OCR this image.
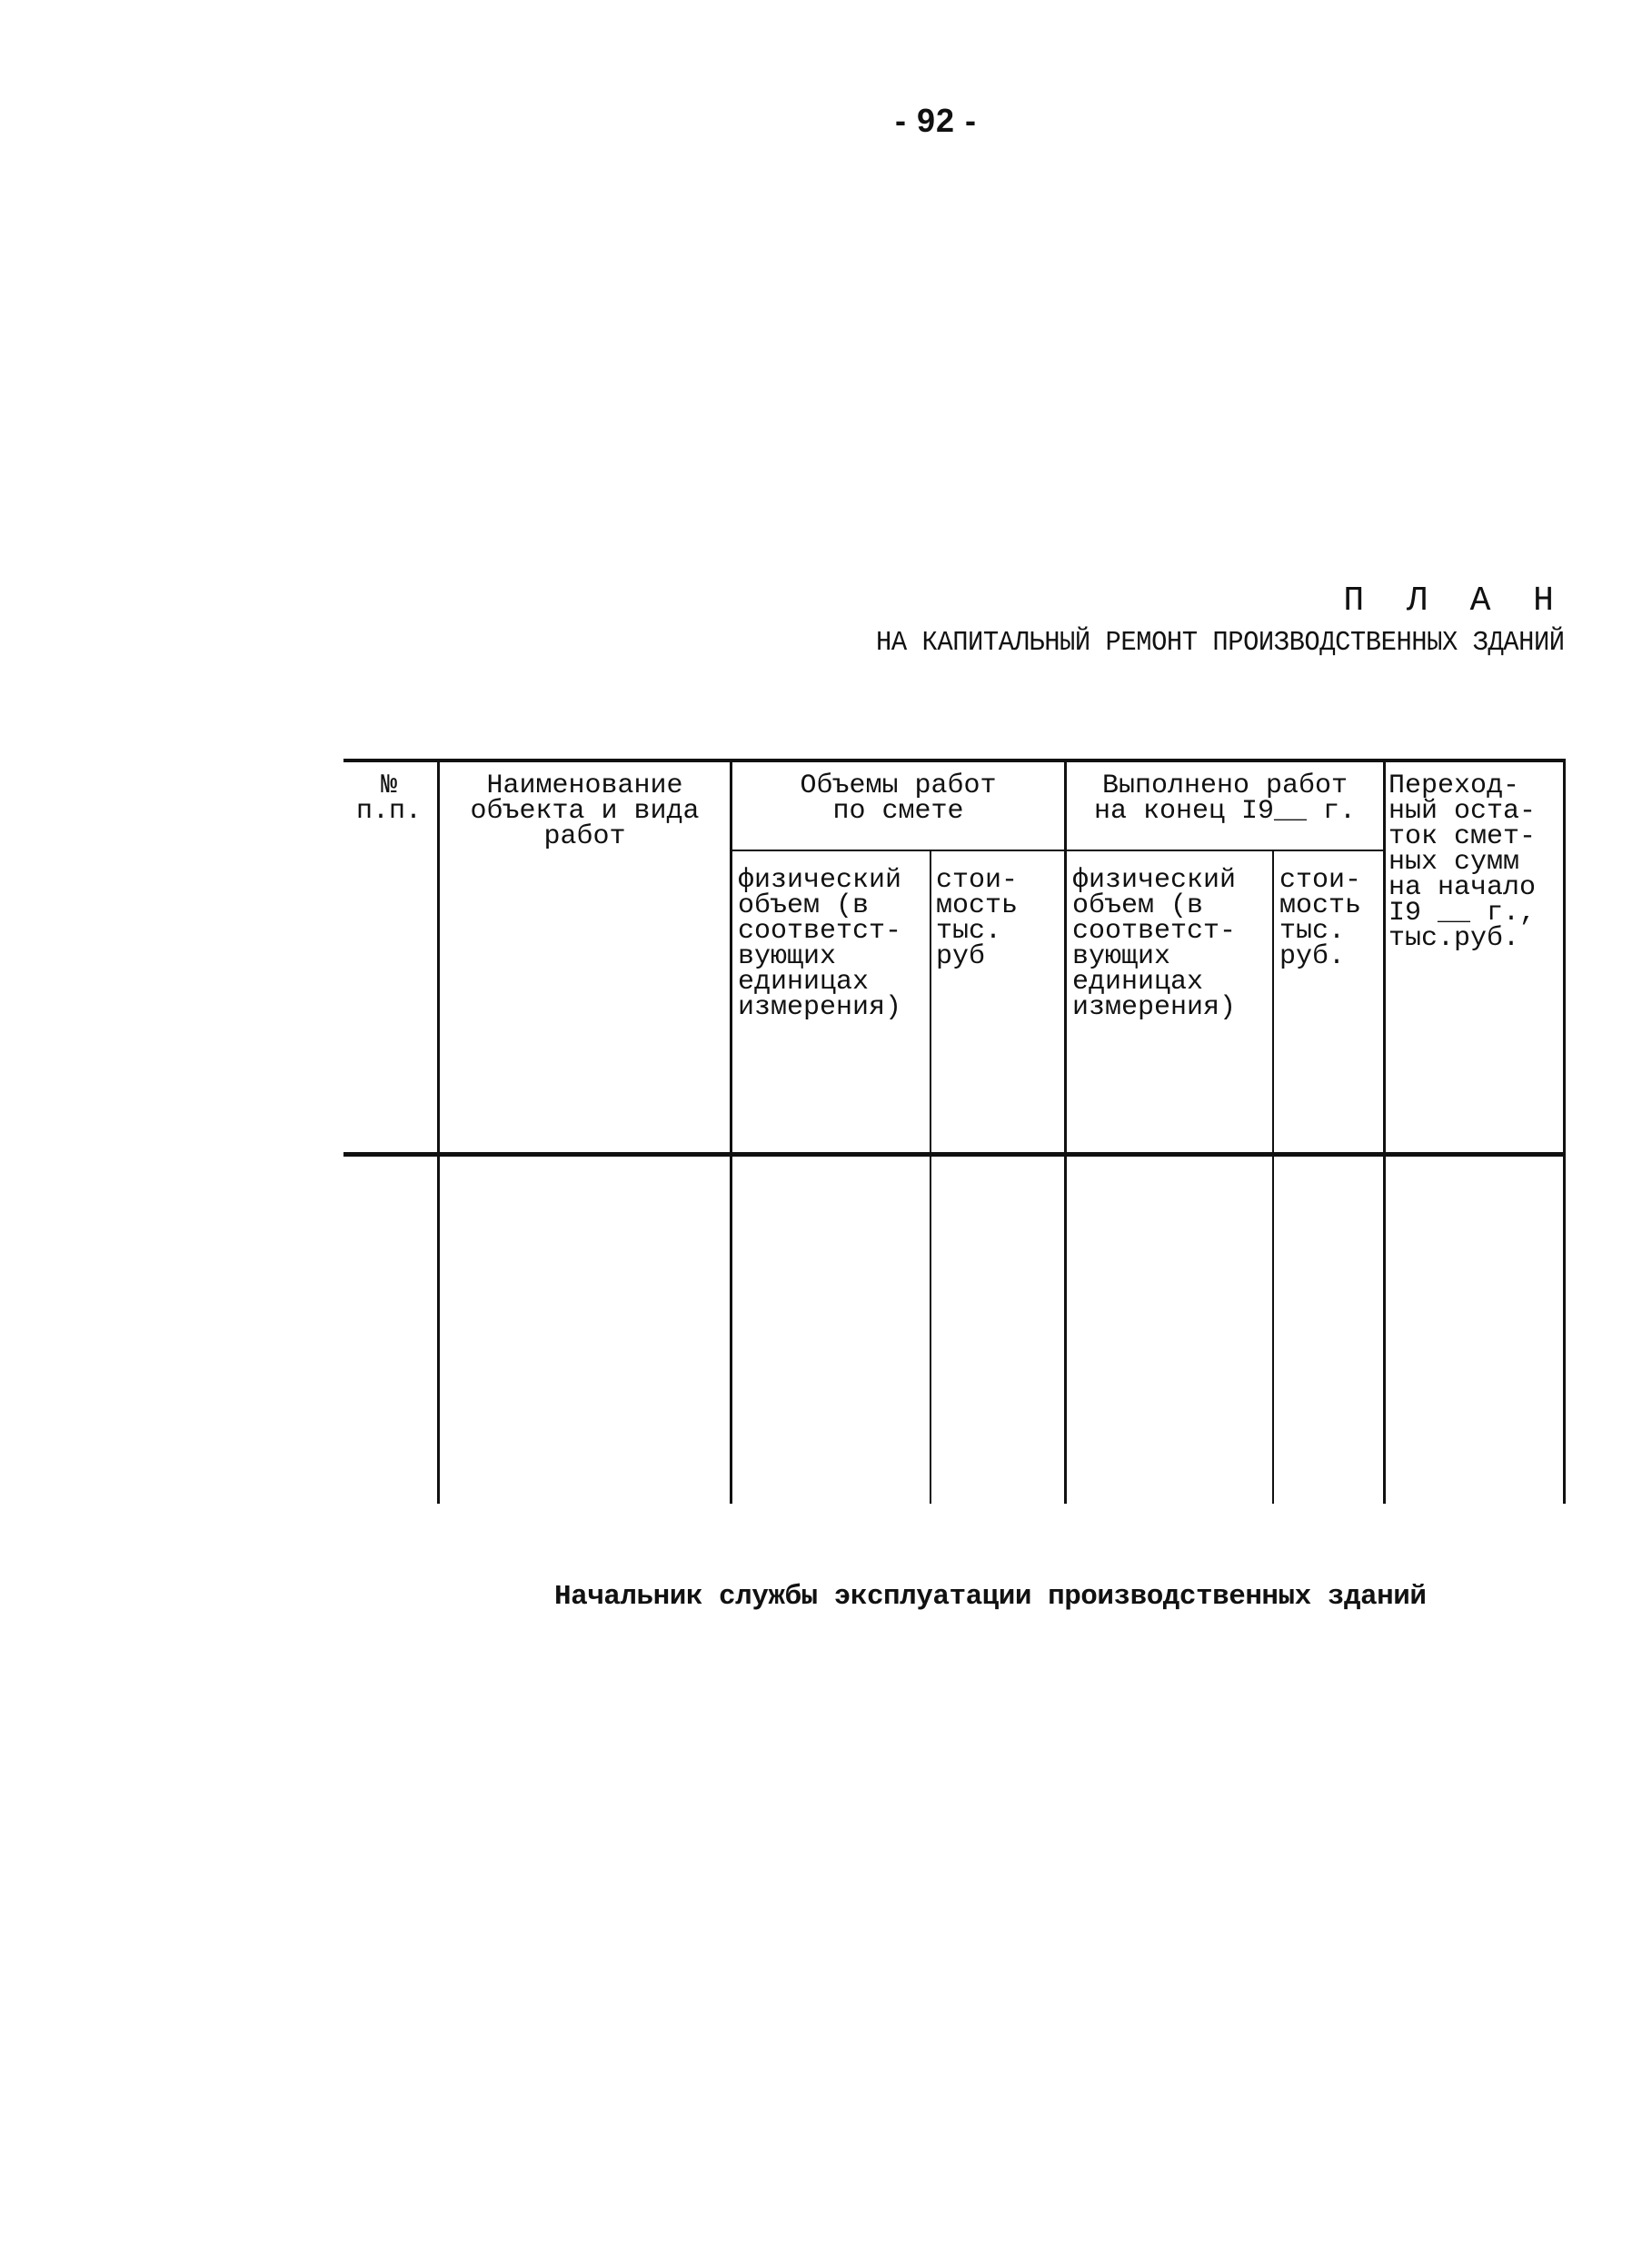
- 92 -
П Л А Н
НА КАПИТАЛЬНЫЙ РЕМОНТ ПРОИЗВОДСТВЕННЫХ ЗДАНИЙ
№
п.п.
Наименование
объекта и вида
работ
Объемы работ
по смете
Выполнено работ
на конец I9__ г.
Переход-
ный оста-
ток смет-
ных сумм
на начало
I9 __ г.,
тыс.руб.
физический
объем (в
соответст-
вующих
единицах
измерения)
стои-
мость
тыс.
руб
физический
объем (в
соответст-
вующих
единицах
измерения)
стои-
мость
тыс.
руб.
Начальник службы эксплуатации производственных зданий
